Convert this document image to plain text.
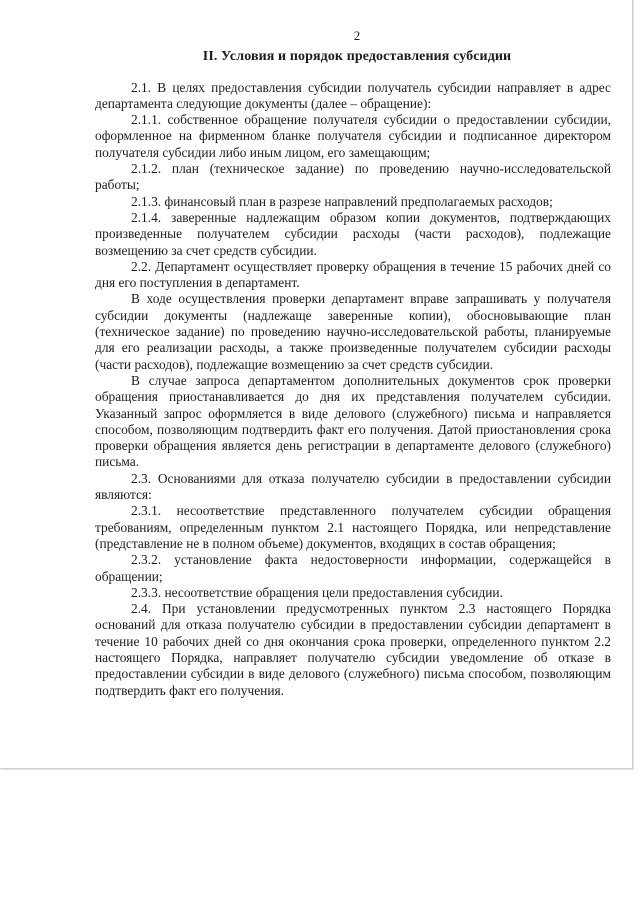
2
II. Условия и порядок предоставления субсидии

2.1. В целях предоставления субсидии получатель субсидии направляет в адрес департамента следующие документы (далее – обращение):

2.1.1. собственное обращение получателя субсидии о предоставлении субсидии, оформленное на фирменном бланке получателя субсидии и подписанное директором получателя субсидии либо иным лицом, его замещающим;

2.1.2. план (техническое задание) по проведению научно-исследовательской работы;

2.1.3. финансовый план в разрезе направлений предполагаемых расходов;

2.1.4. заверенные надлежащим образом копии документов, подтверждающих произведенные получателем субсидии расходы (части расходов), подлежащие возмещению за счет средств субсидии.

2.2. Департамент осуществляет проверку обращения в течение 15 рабочих дней со дня его поступления в департамент.

В ходе осуществления проверки департамент вправе запрашивать у получателя субсидии документы (надлежаще заверенные копии), обосновывающие план (техническое задание) по проведению научно-исследовательской работы, планируемые для его реализации расходы, а также произведенные получателем субсидии расходы (части расходов), подлежащие возмещению за счет средств субсидии.

В случае запроса департаментом дополнительных документов срок проверки обращения приостанавливается до дня их представления получателем субсидии. Указанный запрос оформляется в виде делового (служебного) письма и направляется способом, позволяющим подтвердить факт его получения. Датой приостановления срока проверки обращения является день регистрации в департаменте делового (служебного) письма.

2.3. Основаниями для отказа получателю субсидии в предоставлении субсидии являются:

2.3.1. несоответствие представленного получателем субсидии обращения требованиям, определенным пунктом 2.1 настоящего Порядка, или непредставление (представление не в полном объеме) документов, входящих в состав обращения;

2.3.2. установление факта недостоверности информации, содержащейся в обращении;

2.3.3. несоответствие обращения цели предоставления субсидии.

2.4. При установлении предусмотренных пунктом 2.3 настоящего Порядка оснований для отказа получателю субсидии в предоставлении субсидии департамент в течение 10 рабочих дней со дня окончания срока проверки, определенного пунктом 2.2 настоящего Порядка, направляет получателю субсидии уведомление об отказе в предоставлении субсидии в виде делового (служебного) письма способом, позволяющим подтвердить факт его получения.
